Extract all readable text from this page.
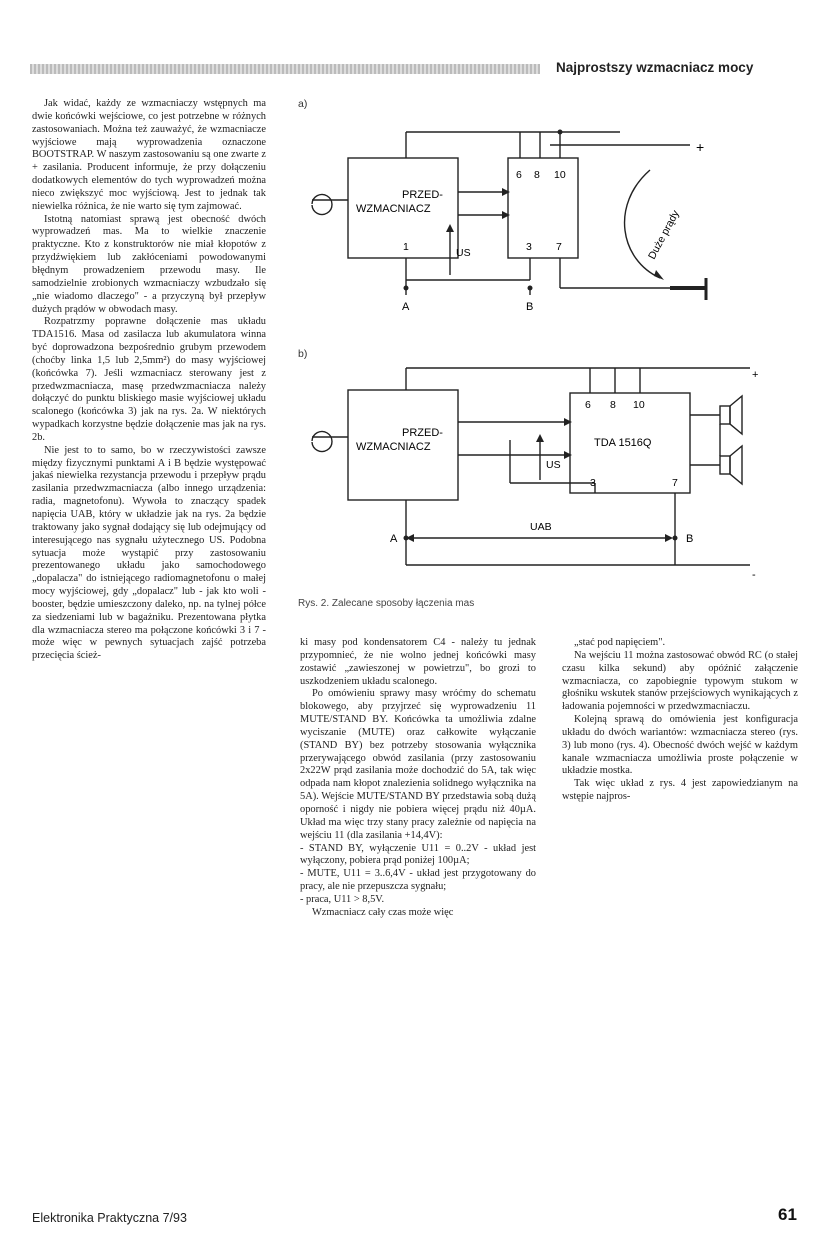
Najprostszy wzmacniacz mocy

Jak widać, każdy ze wzmacniaczy wstępnych ma dwie końcówki wejściowe, co jest potrzebne w różnych zastosowaniach. Można też zauważyć, że wzmacniacze wyjściowe mają wyprowadzenia oznaczone BOOTSTRAP. W naszym zastosowaniu są one zwarte z + zasilania. Producent informuje, że przy dołączeniu dodatkowych elementów do tych wyprowadzeń można nieco zwiększyć moc wyjściową. Jest to jednak tak niewielka różnica, że nie warto się tym zajmować.

Istotną natomiast sprawą jest obecność dwóch wyprowadzeń mas. Ma to wielkie znaczenie praktyczne. Kto z konstruktorów nie miał kłopotów z przydźwiękiem lub zakłóceniami powodowanymi błędnym prowadzeniem przewodu masy. Ile samodzielnie zrobionych wzmacniaczy wzbudzało się „nie wiadomo dlaczego" - a przyczyną był przepływ dużych prądów w obwodach masy.

Rozpatrzmy poprawne dołączenie mas układu TDA1516. Masa od zasilacza lub akumulatora winna być doprowadzona bezpośrednio grubym przewodem (choćby linka 1,5 lub 2,5mm²) do masy wyjściowej (końcówka 7). Jeśli wzmacniacz sterowany jest z przedwzmacniacza, masę przedwzmacniacza należy dołączyć do punktu bliskiego masie wyjściowej układu scalonego (końcówka 3) jak na rys. 2a. W niektórych wypadkach korzystne będzie dołączenie mas jak na rys. 2b.

Nie jest to to samo, bo w rzeczywistości zawsze między fizycznymi punktami A i B będzie występować jakaś niewielka rezystancja przewodu i przepływ prądu zasilania przedwzmacniacza (albo innego urządzenia: radia, magnetofonu). Wywoła to znaczący spadek napięcia UAB, który w układzie jak na rys. 2a będzie traktowany jako sygnał dodający się lub odejmujący od interesującego nas sygnału użytecznego US. Podobna sytuacja może wystąpić przy zastosowaniu prezentowanego układu jako samochodowego „dopalacza" do istniejącego radiomagnetofonu o małej mocy wyjściowej, gdy „dopalacz" lub - jak kto woli - booster, będzie umieszczony daleko, np. na tylnej półce za siedzeniami lub w bagażniku. Prezentowana płytka dla wzmacniacza stereo ma połączone końcówki 3 i 7 - może więc w pewnych sytuacjach zajść potrzeba przecięcia ścież-

a)
b)
PRZED-
WZMACNIACZ
6 8 10
1	3 7
US
A	B
+
Duże prądy
PRZED-
WZMACNIACZ
6 8 10
TDA 1516Q
3	7
US
UAB
A	B
+
-
Rys. 2. Zalecane sposoby łączenia mas

ki masy pod kondensatorem C4 - należy tu jednak przypomnieć, że nie wolno jednej końcówki masy zostawić „zawieszonej w powietrzu", bo grozi to uszkodzeniem układu scalonego.

Po omówieniu sprawy masy wróćmy do schematu blokowego, aby przyjrzeć się wyprowadzeniu 11 MUTE/STAND BY. Końcówka ta umożliwia zdalne wyciszanie (MUTE) oraz całkowite wyłączanie (STAND BY) bez potrzeby stosowania wyłącznika przerywającego obwód zasilania (przy zastosowaniu 2x22W prąd zasilania może dochodzić do 5A, tak więc odpada nam kłopot znalezienia solidnego wyłącznika na 5A). Wejście MUTE/STAND BY przedstawia sobą dużą oporność i nigdy nie pobiera więcej prądu niż 40µA. Układ ma więc trzy stany pracy zależnie od napięcia na wejściu 11 (dla zasilania +14,4V):

- STAND BY, wyłączenie U11 = 0..2V - układ jest wyłączony, pobiera prąd poniżej 100µA;

- MUTE, U11 = 3..6,4V - układ jest przygotowany do pracy, ale nie przepuszcza sygnału;

- praca, U11 > 8,5V.

Wzmacniacz cały czas może więc

„stać pod napięciem".

Na wejściu 11 można zastosować obwód RC (o stałej czasu kilka sekund) aby opóźnić załączenie wzmacniacza, co zapobiegnie typowym stukom w głośniku wskutek stanów przejściowych wynikających z ładowania pojemności w przedwzmacniaczu.

Kolejną sprawą do omówienia jest konfiguracja układu do dwóch wariantów: wzmacniacza stereo (rys. 3) lub mono (rys. 4). Obecność dwóch wejść w każdym kanale wzmacniacza umożliwia proste połączenie w układzie mostka.

Tak więc układ z rys. 4 jest zapowiedzianym na wstępie najpros-

Elektronika Praktyczna 7/93	61
